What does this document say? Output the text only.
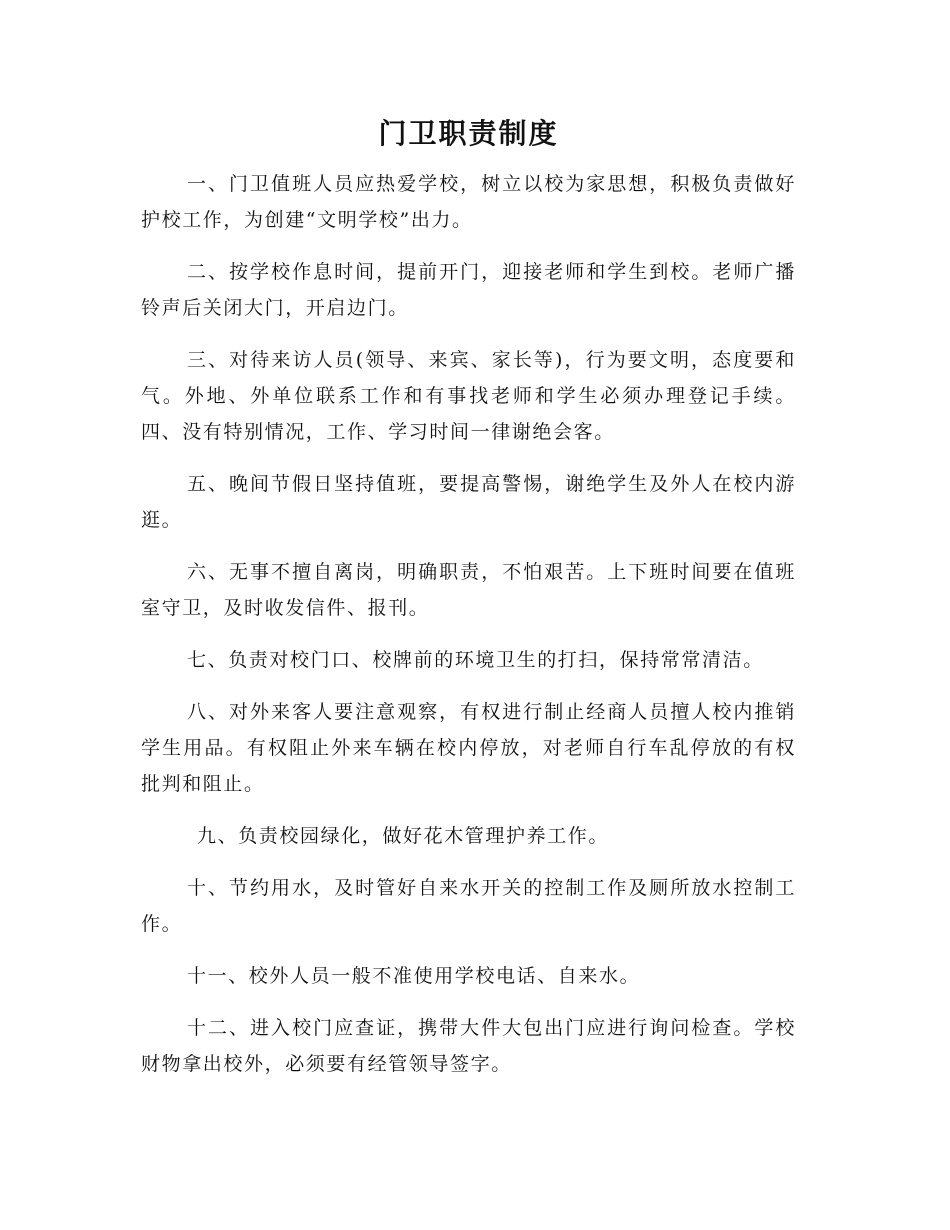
门卫职责制度

一、门卫值班人员应热爱学校，树立以校为家思想，积极负责做好护校工作，为创建“文明学校”出力。

二、按学校作息时间，提前开门，迎接老师和学生到校。老师广播铃声后关闭大门，开启边门。

三、对待来访人员(领导、来宾、家长等)，行为要文明，态度要和气。外地、外单位联系工作和有事找老师和学生必须办理登记手续。 四、没有特别情况，工作、学习时间一律谢绝会客。

五、晚间节假日坚持值班，要提高警惕，谢绝学生及外人在校内游逛。

六、无事不擅自离岗，明确职责，不怕艰苦。上下班时间要在值班室守卫，及时收发信件、报刊。

七、负责对校门口、校牌前的环境卫生的打扫，保持常常清洁。

八、对外来客人要注意观察，有权进行制止经商人员擅人校内推销学生用品。有权阻止外来车辆在校内停放，对老师自行车乱停放的有权批判和阻止。

九、负责校园绿化，做好花木管理护养工作。

十、节约用水，及时管好自来水开关的控制工作及厕所放水控制工作。

十一、校外人员一般不准使用学校电话、自来水。

十二、进入校门应查证，携带大件大包出门应进行询问检查。学校财物拿出校外，必须要有经管领导签字。
